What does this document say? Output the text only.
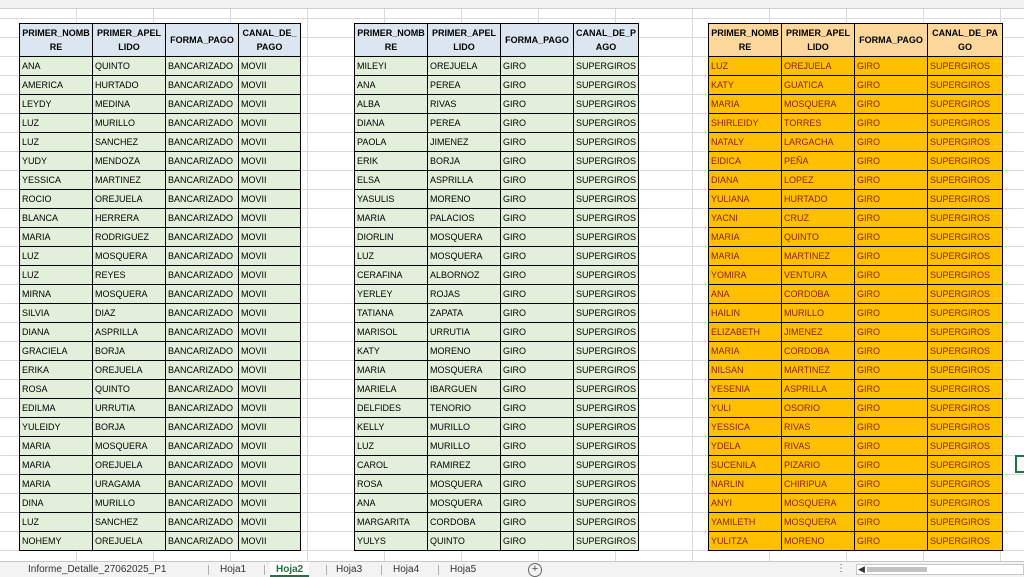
PRIMER_NOMBRE	PRIMER_APELLIDO	FORMA_PAGO	CANAL_DE_PAGO
ANA	QUINTO	BANCARIZADO	MOVII
AMERICA	HURTADO	BANCARIZADO	MOVII
LEYDY	MEDINA	BANCARIZADO	MOVII
LUZ	MURILLO	BANCARIZADO	MOVII
LUZ	SANCHEZ	BANCARIZADO	MOVII
YUDY	MENDOZA	BANCARIZADO	MOVII
YESSICA	MARTINEZ	BANCARIZADO	MOVII
ROCIO	OREJUELA	BANCARIZADO	MOVII
BLANCA	HERRERA	BANCARIZADO	MOVII
MARIA	RODRIGUEZ	BANCARIZADO	MOVII
LUZ	MOSQUERA	BANCARIZADO	MOVII
LUZ	REYES	BANCARIZADO	MOVII
MIRNA	MOSQUERA	BANCARIZADO	MOVII
SILVIA	DIAZ	BANCARIZADO	MOVII
DIANA	ASPRILLA	BANCARIZADO	MOVII
GRACIELA	BORJA	BANCARIZADO	MOVII
ERIKA	OREJUELA	BANCARIZADO	MOVII
ROSA	QUINTO	BANCARIZADO	MOVII
EDILMA	URRUTIA	BANCARIZADO	MOVII
YULEIDY	BORJA	BANCARIZADO	MOVII
MARIA	MOSQUERA	BANCARIZADO	MOVII
MARIA	OREJUELA	BANCARIZADO	MOVII
MARIA	URAGAMA	BANCARIZADO	MOVII
DINA	MURILLO	BANCARIZADO	MOVII
LUZ	SANCHEZ	BANCARIZADO	MOVII
NOHEMY	OREJUELA	BANCARIZADO	MOVII
PRIMER_NOMBRE	PRIMER_APELLIDO	FORMA_PAGO	CANAL_DE_PAGO
MILEYI	OREJUELA	GIRO	SUPERGIROS
ANA	PEREA	GIRO	SUPERGIROS
ALBA	RIVAS	GIRO	SUPERGIROS
DIANA	PEREA	GIRO	SUPERGIROS
PAOLA	JIMENEZ	GIRO	SUPERGIROS
ERIK	BORJA	GIRO	SUPERGIROS
ELSA	ASPRILLA	GIRO	SUPERGIROS
YASULIS	MORENO	GIRO	SUPERGIROS
MARIA	PALACIOS	GIRO	SUPERGIROS
DIORLIN	MOSQUERA	GIRO	SUPERGIROS
LUZ	MOSQUERA	GIRO	SUPERGIROS
CERAFINA	ALBORNOZ	GIRO	SUPERGIROS
YERLEY	ROJAS	GIRO	SUPERGIROS
TATIANA	ZAPATA	GIRO	SUPERGIROS
MARISOL	URRUTIA	GIRO	SUPERGIROS
KATY	MORENO	GIRO	SUPERGIROS
MARIA	MOSQUERA	GIRO	SUPERGIROS
MARIELA	IBARGUEN	GIRO	SUPERGIROS
DELFIDES	TENORIO	GIRO	SUPERGIROS
KELLY	MURILLO	GIRO	SUPERGIROS
LUZ	MURILLO	GIRO	SUPERGIROS
CAROL	RAMIREZ	GIRO	SUPERGIROS
ROSA	MOSQUERA	GIRO	SUPERGIROS
ANA	MOSQUERA	GIRO	SUPERGIROS
MARGARITA	CORDOBA	GIRO	SUPERGIROS
YULYS	QUINTO	GIRO	SUPERGIROS
PRIMER_NOMBRE	PRIMER_APELLIDO	FORMA_PAGO	CANAL_DE_PAGO
LUZ	OREJUELA	GIRO	SUPERGIROS
KATY	GUATICA	GIRO	SUPERGIROS
MARIA	MOSQUERA	GIRO	SUPERGIROS
SHIRLEIDY	TORRES	GIRO	SUPERGIROS
NATALY	LARGACHA	GIRO	SUPERGIROS
EIDICA	PEÑA	GIRO	SUPERGIROS
DIANA	LOPEZ	GIRO	SUPERGIROS
YULIANA	HURTADO	GIRO	SUPERGIROS
YACNI	CRUZ	GIRO	SUPERGIROS
MARIA	QUINTO	GIRO	SUPERGIROS
MARIA	MARTINEZ	GIRO	SUPERGIROS
YOMIRA	VENTURA	GIRO	SUPERGIROS
ANA	CORDOBA	GIRO	SUPERGIROS
HAILIN	MURILLO	GIRO	SUPERGIROS
ELIZABETH	JIMENEZ	GIRO	SUPERGIROS
MARIA	CORDOBA	GIRO	SUPERGIROS
NILSAN	MARTINEZ	GIRO	SUPERGIROS
YESENIA	ASPRILLA	GIRO	SUPERGIROS
YULI	OSORIO	GIRO	SUPERGIROS
YESSICA	RIVAS	GIRO	SUPERGIROS
YDELA	RIVAS	GIRO	SUPERGIROS
SUCENILA	PIZARIO	GIRO	SUPERGIROS
NARLIN	CHIRIPUA	GIRO	SUPERGIROS
ANYI	MOSQUERA	GIRO	SUPERGIROS
YAMILETH	MOSQUERA	GIRO	SUPERGIROS
YULITZA	MORENO	GIRO	SUPERGIROS
Informe_Detalle_27062025_P1	Hoja1	Hoja2	Hoja3	Hoja4	Hoja5	+	⋮ ◀
